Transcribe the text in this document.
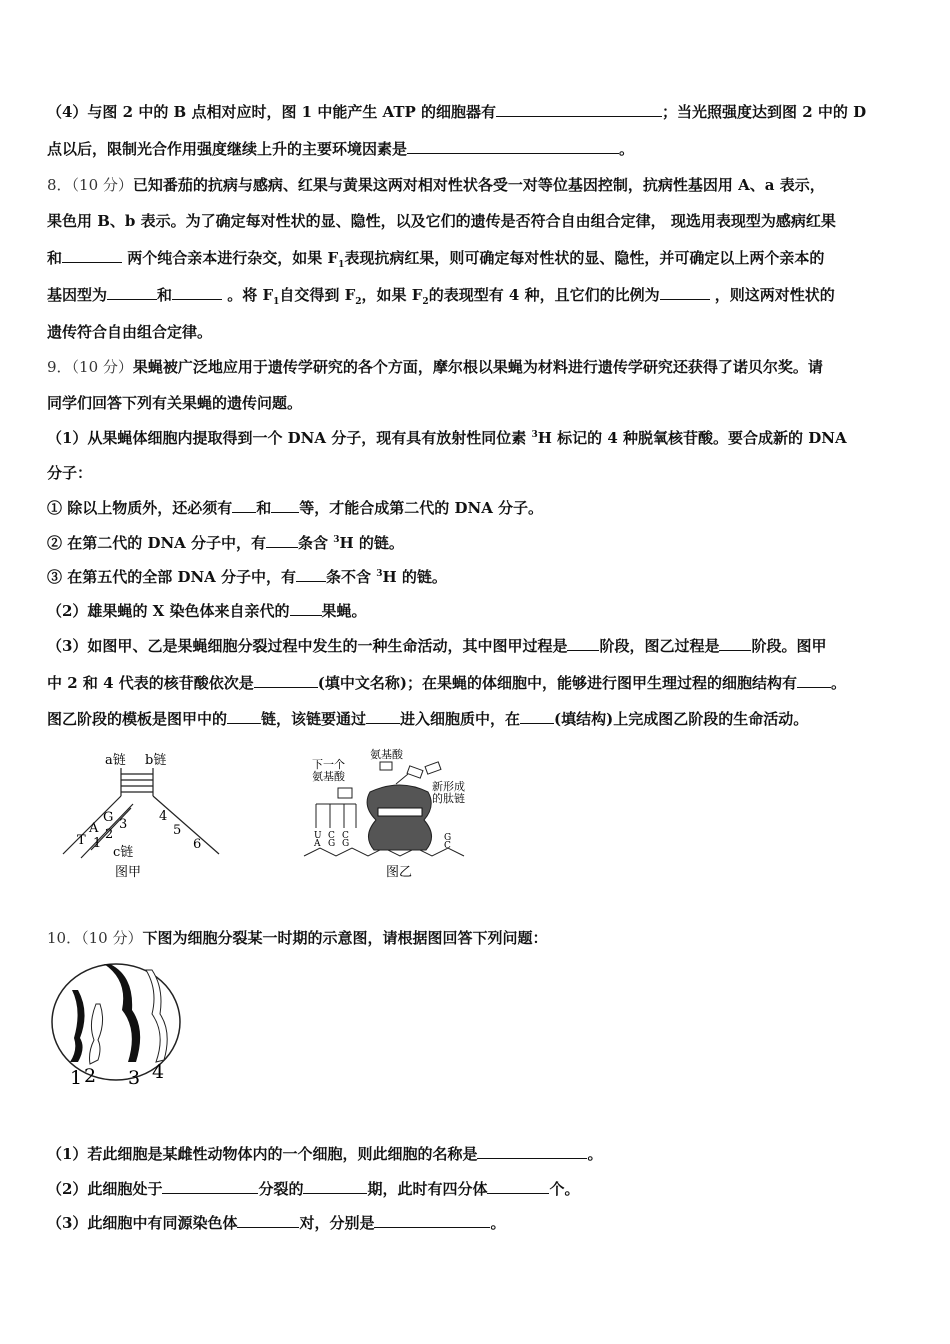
（4）与图 2 中的 B 点相对应时，图 1 中能产生 ATP 的细胞器有	；当光照强度达到图 2 中的 D
点以后，限制光合作用强度继续上升的主要环境因素是	。
8．（10 分）已知番茄的抗病与感病、红果与黄果这两对相对性状各受一对等位基因控制，抗病性基因用 A、a 表示，
果色用 B、b 表示。为了确定每对性状的显、隐性，以及它们的遗传是否符合自由组合定律， 现选用表现型为感病红果
和	两个纯合亲本进行杂交，如果 $F_1$表现抗病红果，则可确定每对性状的显、隐性，并可确定以上两个亲本的
基因型为	和	。将 $F_1$自交得到 $F_2$，如果 $F_2$的表现型有 4 种，且它们的比例为	，则这两对性状的
遗传符合自由组合定律。
9．（10 分）果蝇被广泛地应用于遗传学研究的各个方面，摩尔根以果蝇为材料进行遗传学研究还获得了诺贝尔奖。请
同学们回答下列有关果蝇的遗传问题。
（1）从果蝇体细胞内提取得到一个 DNA 分子，现有具有放射性同位素 $^3$H 标记的 4 种脱氧核苷酸。要合成新的 DNA
分子：
① 除以上物质外，还必须有 和 等，才能合成第二代的 DNA 分子。
② 在第二代的 DNA 分子中，有 条含 $^3$H 的链。
③ 在第五代的全部 DNA 分子中，有 条不含 $^3$H 的链。
（2）雄果蝇的 X 染色体来自亲代的 果蝇。
（3）如图甲、乙是果蝇细胞分裂过程中发生的一种生命活动，其中图甲过程是 阶段，图乙过程是 阶段。图甲
中 2 和 4 代表的核苷酸依次是	(填中文名称)；在果蝇的体细胞中，能够进行图甲生理过程的细胞结构有 。
图乙阶段的模板是图甲中的 链，该链要通过 进入细胞质中，在 (填结构)上完成图乙阶段的生命活动。
a链 b链
T
A
G
1
2
3
4
5
6
c链
图甲
氨基酸
下一个
氨基酸
新形成
的肽链
U
A
C
G
C
G
G
C
图乙
10．（10 分）下图为细胞分裂某一时期的示意图，请根据图回答下列问题：
1 2 3 4
（1）若此细胞是某雌性动物体内的一个细胞，则此细胞的名称是	。
（2）此细胞处于	分裂的	期，此时有四分体	个。
（3）此细胞中有同源染色体	对，分别是	。
